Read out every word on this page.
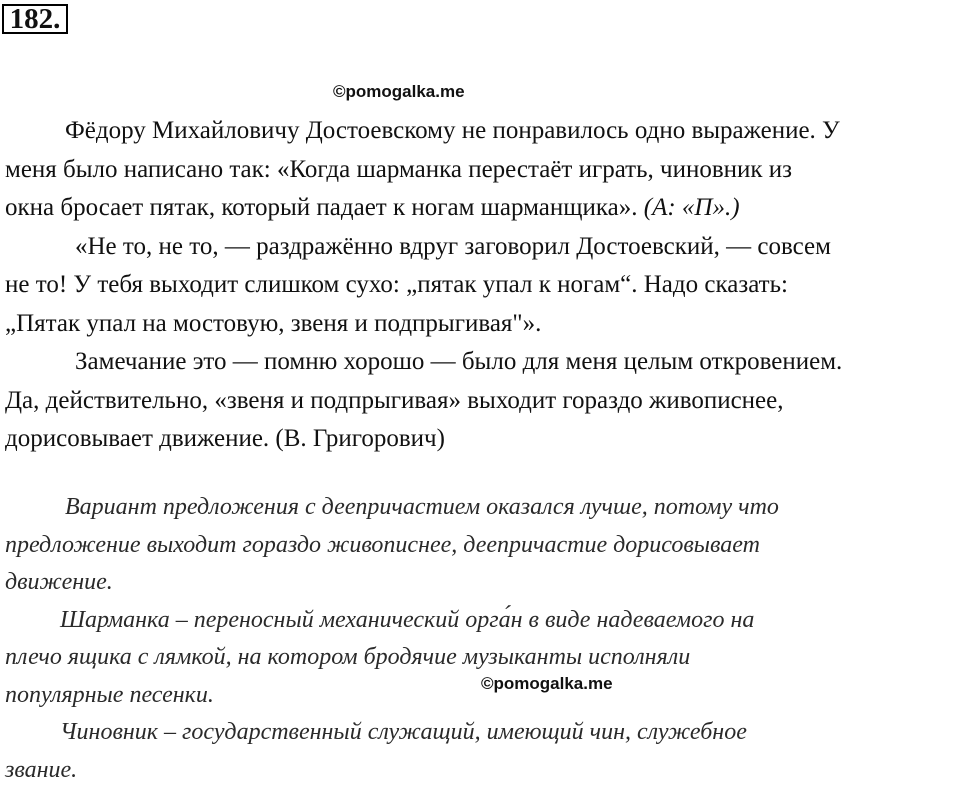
182.
©pomogalka.me

Фёдору Михайловичу Достоевскому не понравилось одно выражение. У

меня было написано так: «Когда шарманка перестаёт играть, чиновник из

окна бросает пятак, который падает к ногам шарманщика». (А: «П».)

«Не то, не то, — раздражённо вдруг заговорил Достоевский, — совсем

не то! У тебя выходит слишком сухо: „пятак упал к ногам“. Надо сказать:

„Пятак упал на мостовую, звеня и подпрыгивая"».

Замечание это — помню хорошо — было для меня целым откровением.

Да, действительно, «звеня и подпрыгивая» выходит гораздо живописнее,

дорисовывает движение. (В. Григорович)

Вариант предложения с деепричастием оказался лучше, потому что

предложение выходит гораздо живописнее, деепричастие дорисовывает

движение.

Шарманка – переносный механический орга́н в виде надеваемого на

плечо ящика с лямкой, на котором бродячие музыканты исполняли

популярные песенки.

Чиновник – государственный служащий, имеющий чин, служебное

звание.

©pomogalka.me
